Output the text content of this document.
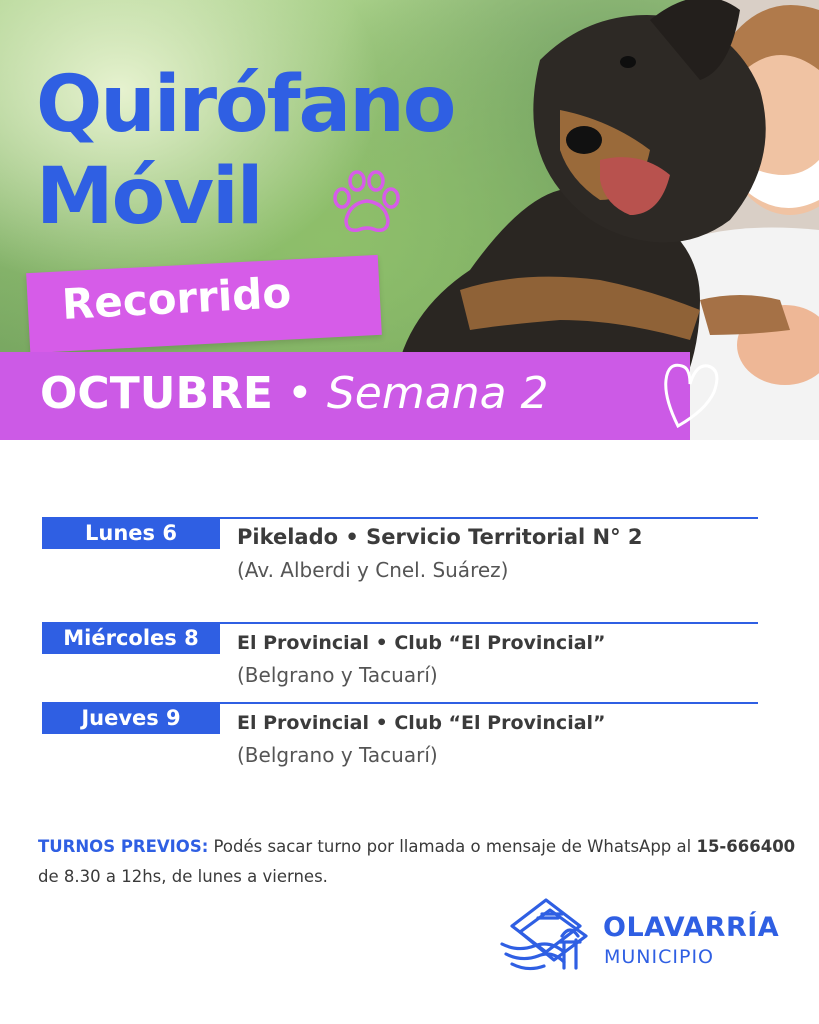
Quirófano
Móvil
Recorrido
OCTUBRE • Semana 2
Lunes 6	Pikelado • Servicio Territorial N° 2
(Av. Alberdi y Cnel. Suárez)
Miércoles 8	El Provincial • Club “El Provincial”
(Belgrano y Tacuarí)
Jueves 9	El Provincial • Club “El Provincial”
(Belgrano y Tacuarí)
TURNOS PREVIOS: Podés sacar turno por llamada o mensaje de WhatsApp al 15-666400 de 8.30 a 12hs, de lunes a viernes.
OLAVARRÍA
MUNICIPIO
